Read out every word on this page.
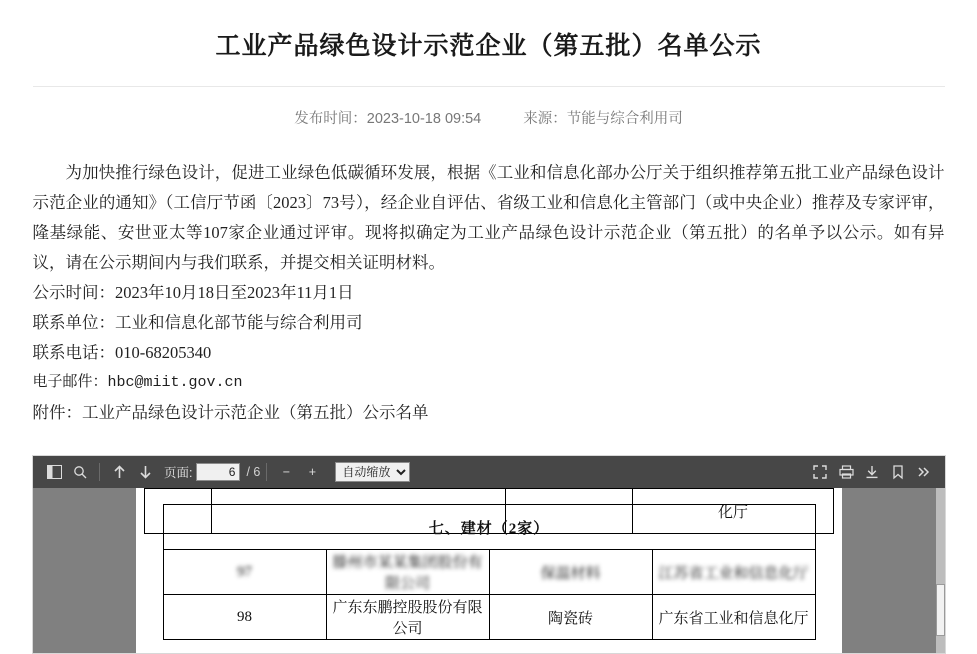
工业产品绿色设计示范企业（第五批）名单公示
发布时间：2023-10-18 09:54	来源：节能与综合利用司
为加快推行绿色设计，促进工业绿色低碳循环发展，根据《工业和信息化部办公厅关于组织推荐第五批工业产品绿色设计示范企业的通知》（工信厅节函〔2023〕73号），经企业自评估、省级工业和信息化主管部门（或中央企业）推荐及专家评审，隆基绿能、安世亚太等107家企业通过评审。现将拟确定为工业产品绿色设计示范企业（第五批）的名单予以公示。如有异议，请在公示期间内与我们联系，并提交相关证明材料。
公示时间：2023年10月18日至2023年11月1日
联系单位：工业和信息化部节能与综合利用司
联系电话：010-68205340
电子邮件：hbc@miit.gov.cn
附件：工业产品绿色设计示范企业（第五批）公示名单
页面:
6	/ 6	−	+
自动缩放
			化厅
七、建材（2家）			
97	滕州市某某集团股份有限公司	保温材料	江苏省工业和信息化厅
98	广东东鹏控股股份有限公司	陶瓷砖	广东省工业和信息化厅
